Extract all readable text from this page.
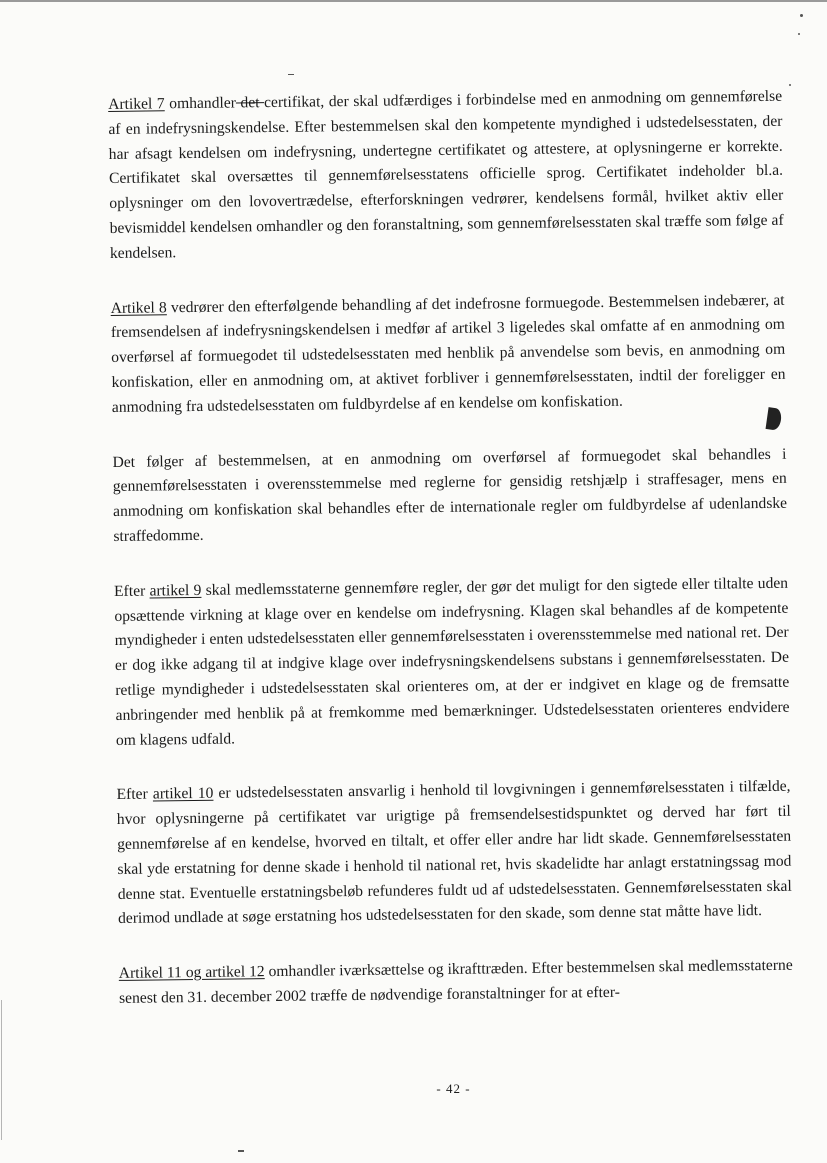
Artikel 7 omhandler det certifikat, der skal udfærdiges i forbindelse med en anmodning om gennemførelse af en indefrysningskendelse. Efter bestemmelsen skal den kompetente myndighed i udstedelsesstaten, der har afsagt kendelsen om indefrysning, undertegne certifikatet og attestere, at oplysningerne er korrekte. Certifikatet skal oversættes til gennemførelsesstatens officielle sprog. Certifikatet indeholder bl.a. oplysninger om den lovovertrædelse, efterforskningen vedrører, kendelsens formål, hvilket aktiv eller bevismiddel kendelsen omhandler og den foranstaltning, som gennemførelsesstaten skal træffe som følge af kendelsen.

Artikel 8 vedrører den efterfølgende behandling af det indefrosne formuegode. Bestemmelsen indebærer, at fremsendelsen af indefrysningskendelsen i medfør af artikel 3 ligeledes skal omfatte af en anmodning om overførsel af formuegodet til udstedelsesstaten med henblik på anvendelse som bevis, en anmodning om konfiskation, eller en anmodning om, at aktivet forbliver i gennemførelsesstaten, indtil der foreligger en anmodning fra udstedelsesstaten om fuldbyrdelse af en kendelse om konfiskation.

Det følger af bestemmelsen, at en anmodning om overførsel af formuegodet skal behandles i gennemførelsesstaten i overensstemmelse med reglerne for gensidig retshjælp i straffesager, mens en anmodning om konfiskation skal behandles efter de internationale regler om fuldbyrdelse af udenlandske straffedomme.

Efter artikel 9 skal medlemsstaterne gennemføre regler, der gør det muligt for den sigtede eller tiltalte uden opsættende virkning at klage over en kendelse om indefrysning. Klagen skal behandles af de kompetente myndigheder i enten udstedelsesstaten eller gennemførelsesstaten i overensstemmelse med national ret. Der er dog ikke adgang til at indgive klage over indefrysningskendelsens substans i gennemførelsesstaten. De retlige myndigheder i udstedelsesstaten skal orienteres om, at der er indgivet en klage og de fremsatte anbringender med henblik på at fremkomme med bemærkninger. Udstedelsesstaten orienteres endvidere om klagens udfald.

Efter artikel 10 er udstedelsesstaten ansvarlig i henhold til lovgivningen i gennemførelsesstaten i tilfælde, hvor oplysningerne på certifikatet var urigtige på fremsendelsestidspunktet og derved har ført til gennemførelse af en kendelse, hvorved en tiltalt, et offer eller andre har lidt skade. Gennemførelsesstaten skal yde erstatning for denne skade i henhold til national ret, hvis skadelidte har anlagt erstatningssag mod denne stat. Eventuelle erstatningsbeløb refunderes fuldt ud af udstedelsesstaten. Gennemførelsesstaten skal derimod undlade at søge erstatning hos udstedelsesstaten for den skade, som denne stat måtte have lidt.

Artikel 11 og artikel 12 omhandler iværksættelse og ikrafttræden. Efter bestemmelsen skal medlemsstaterne senest den 31. december 2002 træffe de nødvendige foranstaltninger for at efter-

- 42 -
